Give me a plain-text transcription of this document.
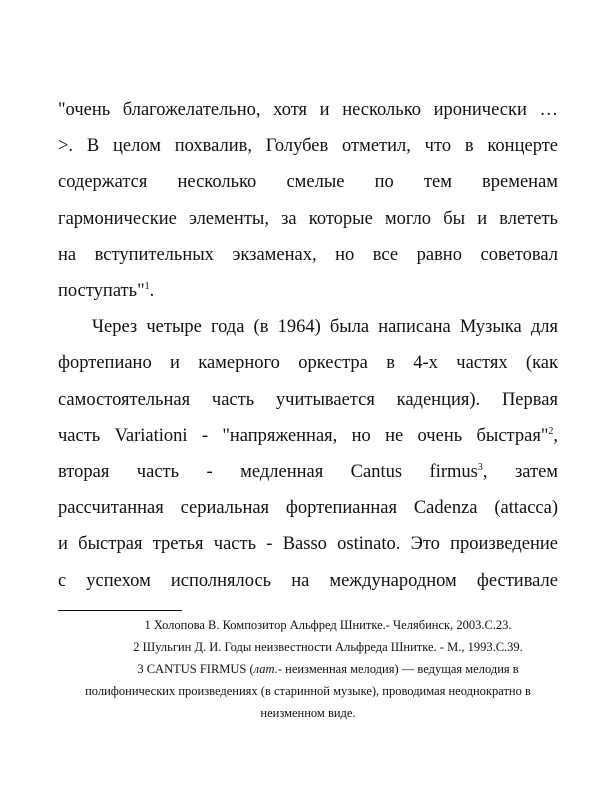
"очень благожелательно, хотя и несколько иронически …
>. В целом похвалив, Голубев отметил, что в концерте
содержатся несколько смелые по тем временам
гармонические элементы, за которые могло бы и влететь
на вступительных экзаменах, но все равно советовал
поступать"$^1$.
Через четыре года (в 1964) была написана Музыка для
фортепиано и камерного оркестра в 4-х частях (как
самостоятельная часть учитывается каденция). Первая
часть Variationi - "напряженная, но не очень быстрая"$^2$,
вторая часть - медленная Cantus firmus$^3$, затем
рассчитанная сериальная фортепианная Cadenza (attacca)
и быстрая третья часть - Basso ostinato. Это произведение
с успехом исполнялось на международном фестивале
1 Холопова В. Композитор Альфред Шнитке.- Челябинск, 2003.С.23.
2 Шульгин Д. И. Годы неизвестности Альфреда Шнитке. - М., 1993.С.39.
3 CANTUS FIRMUS (лат.- неизменная мелодия) — ведущая мелодия в
полифонических произведениях (в старинной музыке), проводимая неоднократно в
неизменном виде.
